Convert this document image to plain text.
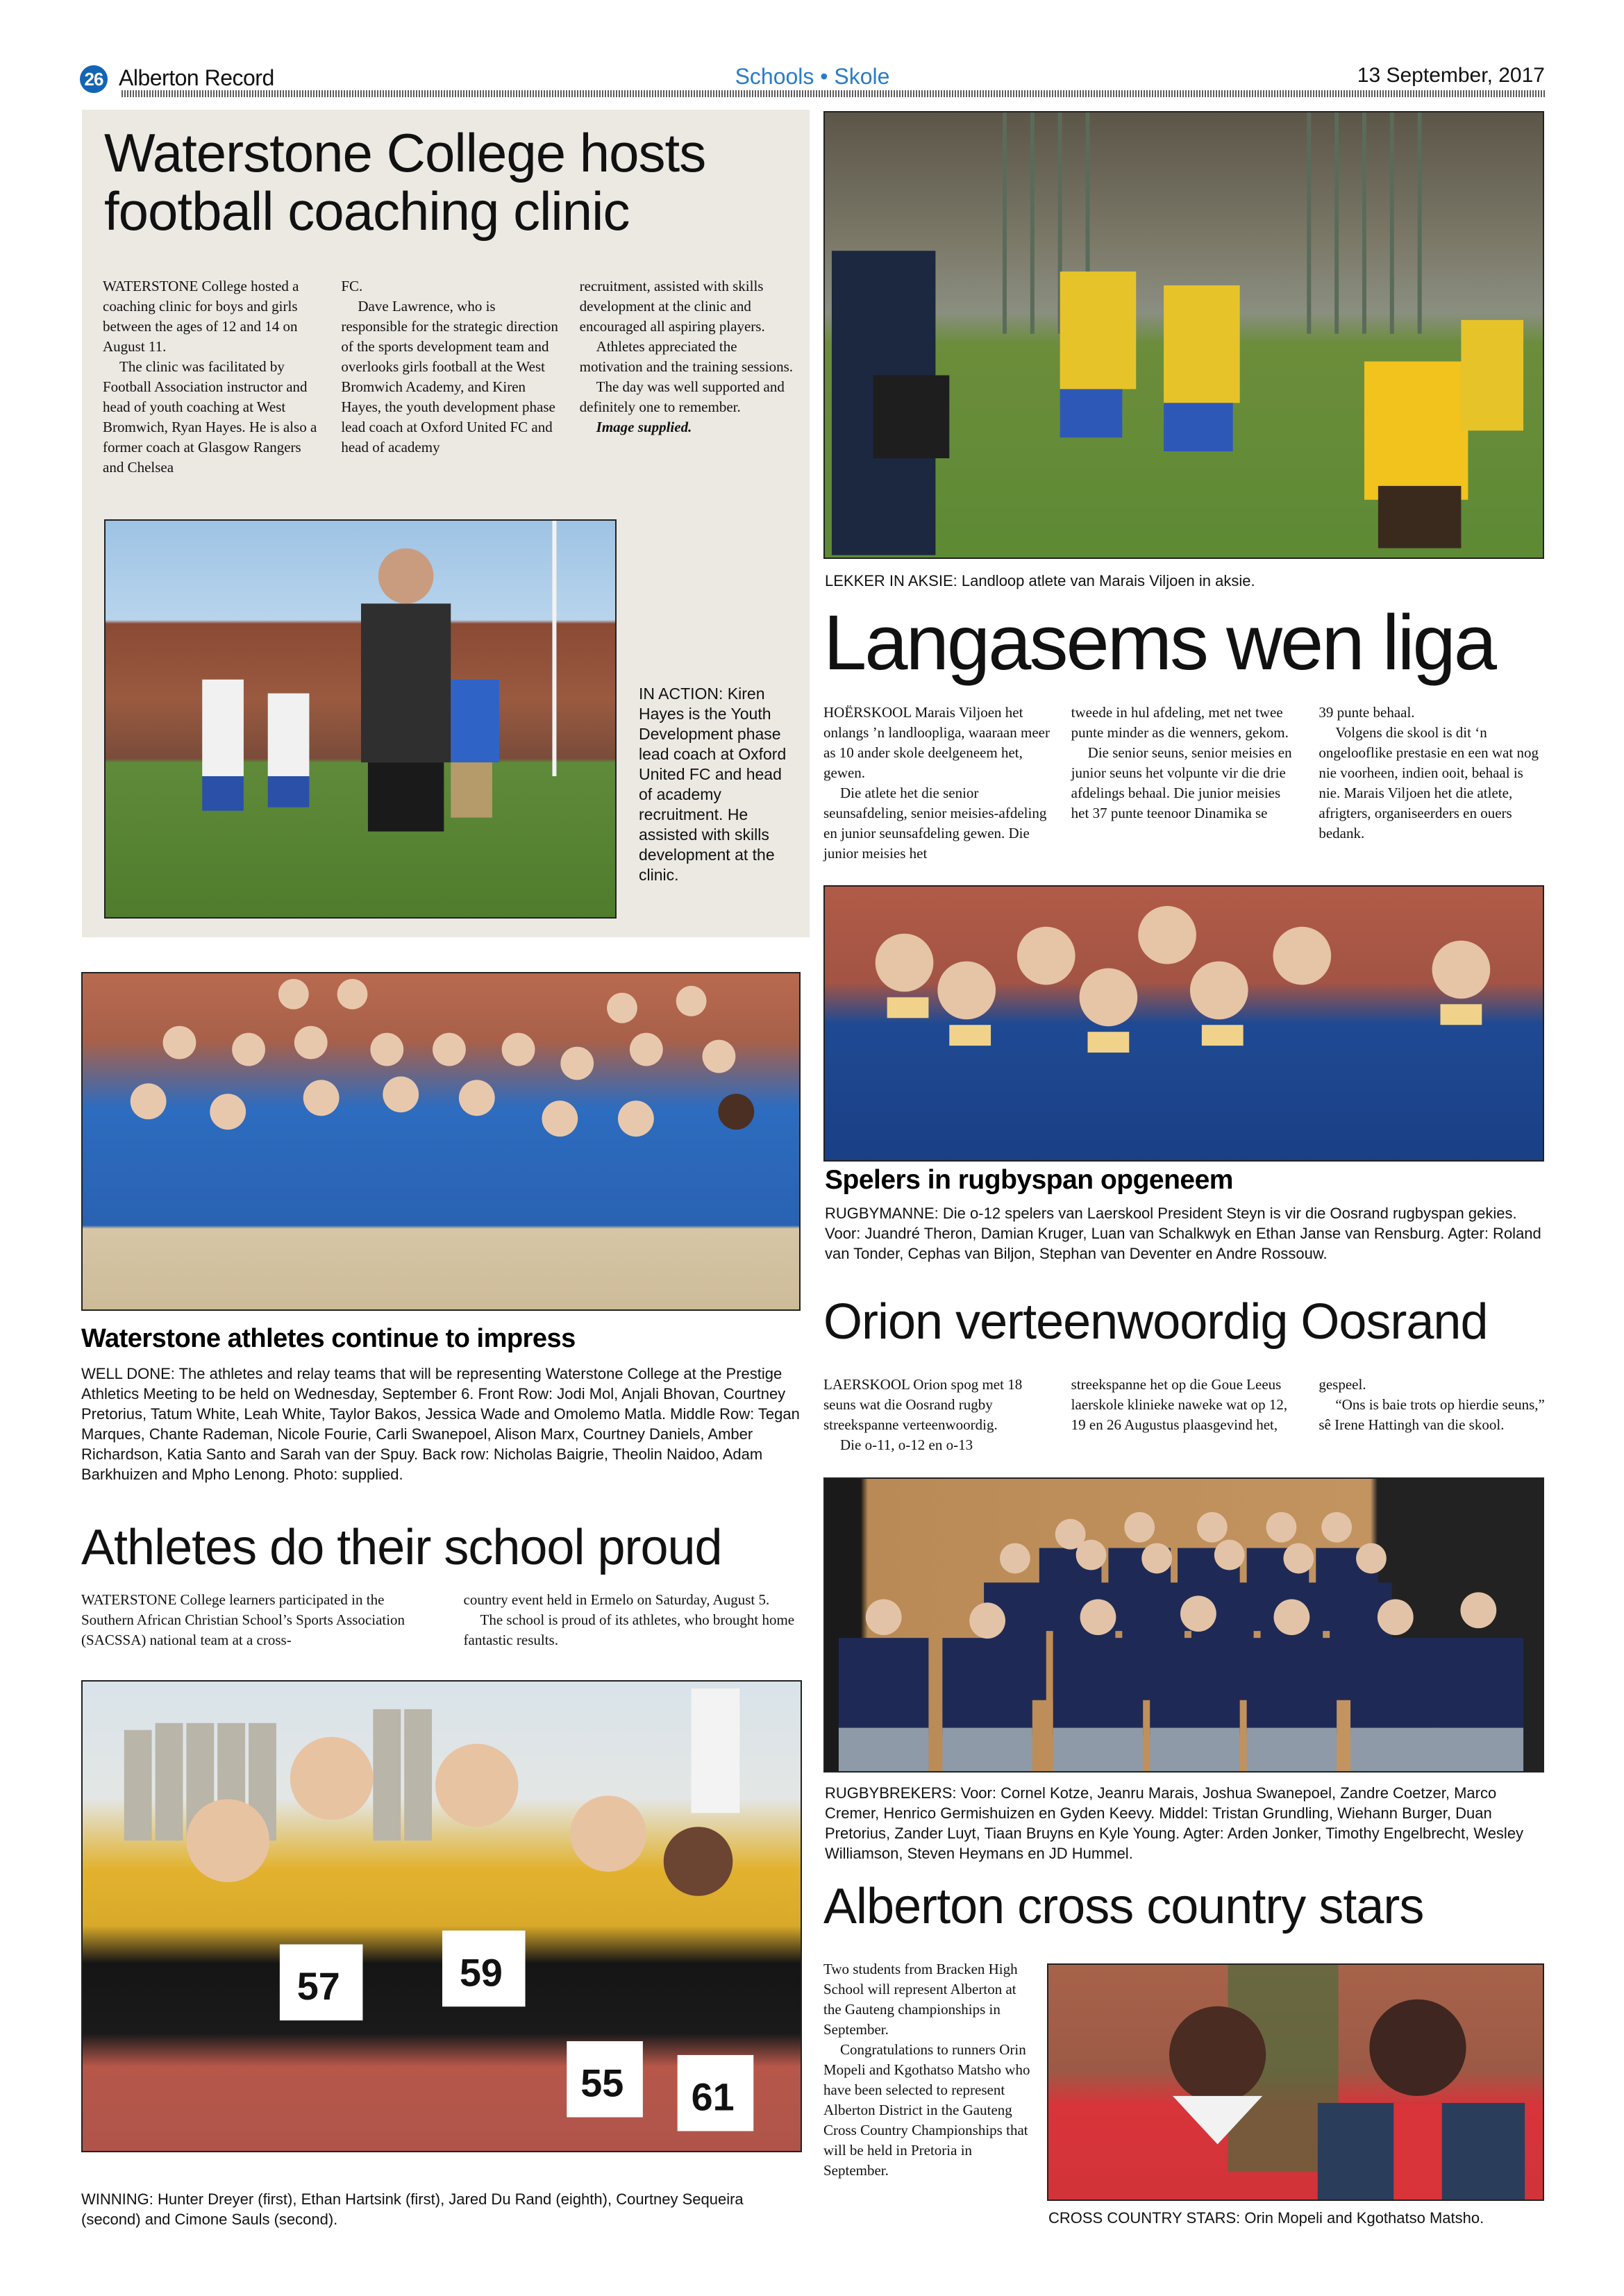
26 Alberton Record	Schools • Skole	13 September, 2017
Waterstone College hosts
football coaching clinic

WATERSTONE College hosted a coaching clinic for boys and girls between the ages of 12 and 14 on August 11.

The clinic was facilitated by Football Association instructor and head of youth coaching at West Bromwich, Ryan Hayes. He is also a former coach at Glasgow Rangers and Chelsea

FC.

Dave Lawrence, who is responsible for the strategic direction of the sports development team and overlooks girls football at the West Bromwich Academy, and Kiren Hayes, the youth development phase lead coach at Oxford United FC and head of academy

recruitment, assisted with skills development at the clinic and encouraged all aspiring players.

Athletes appreciated the motivation and the training sessions.

The day was well supported and definitely one to remember.

Image supplied.

IN ACTION: Kiren Hayes is the Youth Development phase lead coach at Oxford United FC and head of academy recruitment. He assisted with skills development at the clinic.
LEKKER IN AKSIE: Landloop atlete van Marais Viljoen in aksie.
Langasems wen liga

HOËRSKOOL Marais Viljoen het onlangs ’n landloopliga, waaraan meer as 10 ander skole deelgeneem het, gewen.

Die atlete het die senior seunsafdeling, senior meisies-afdeling en junior seunsafdeling gewen. Die junior meisies het

tweede in hul afdeling, met net twee punte minder as die wenners, gekom.

Die senior seuns, senior meisies en junior seuns het volpunte vir die drie afdelings behaal. Die junior meisies het 37 punte teenoor Dinamika se

39 punte behaal.

Volgens die skool is dit ‘n ongelooflike prestasie en een wat nog nie voorheen, indien ooit, behaal is nie. Marais Viljoen het die atlete, afrigters, organiseerders en ouers bedank.

Spelers in rugbyspan opgeneem
RUGBYMANNE: Die o-12 spelers van Laerskool President Steyn is vir die Oosrand rugbyspan gekies. Voor: Juandré Theron, Damian Kruger, Luan van Schalkwyk en Ethan Janse van Rensburg. Agter: Roland van Tonder, Cephas van Biljon, Stephan van Deventer en Andre Rossouw.
Waterstone athletes continue to impress
WELL DONE: The athletes and relay teams that will be representing Waterstone College at the Prestige Athletics Meeting to be held on Wednesday, September 6. Front Row: Jodi Mol, Anjali Bhovan, Courtney Pretorius, Tatum White, Leah White, Taylor Bakos, Jessica Wade and Omolemo Matla. Middle Row: Tegan Marques, Chante Rademan, Nicole Fourie, Carli Swanepoel, Alison Marx, Courtney Daniels, Amber Richardson, Katia Santo and Sarah van der Spuy. Back row: Nicholas Baigrie, Theolin Naidoo, Adam Barkhuizen and Mpho Lenong. Photo: supplied.
Orion verteenwoordig Oosrand

LAERSKOOL Orion spog met 18 seuns wat die Oosrand rugby streekspanne verteenwoordig.

Die o-11, o-12 en o-13

streekspanne het op die Goue Leeus laerskole klinieke naweke wat op 12, 19 en 26 Augustus plaasgevind het,

gespeel.

“Ons is baie trots op hierdie seuns,” sê Irene Hattingh van die skool.

RUGBYBREKERS: Voor: Cornel Kotze, Jeanru Marais, Joshua Swanepoel, Zandre Coetzer, Marco Cremer, Henrico Germishuizen en Gyden Keevy. Middel: Tristan Grundling, Wiehann Burger, Duan Pretorius, Zander Luyt, Tiaan Bruyns en Kyle Young. Agter: Arden Jonker, Timothy Engelbrecht, Wesley Williamson, Steven Heymans en JD Hummel.
Athletes do their school proud

WATERSTONE College learners participated in the Southern African Christian School’s Sports Association (SACSSA) national team at a cross-

country event held in Ermelo on Saturday, August 5.

The school is proud of its athletes, who brought home fantastic results.

57	59
55 61
WINNING: Hunter Dreyer (first), Ethan Hartsink (first), Jared Du Rand (eighth), Courtney Sequeira (second) and Cimone Sauls (second).
Alberton cross country stars

Two students from Bracken High School will represent Alberton at the Gauteng championships in September.

Congratulations to runners Orin Mopeli and Kgothatso Matsho who have been selected to represent Alberton District in the Gauteng Cross Country Championships that will be held in Pretoria in September.

CROSS COUNTRY STARS: Orin Mopeli and Kgothatso Matsho.
